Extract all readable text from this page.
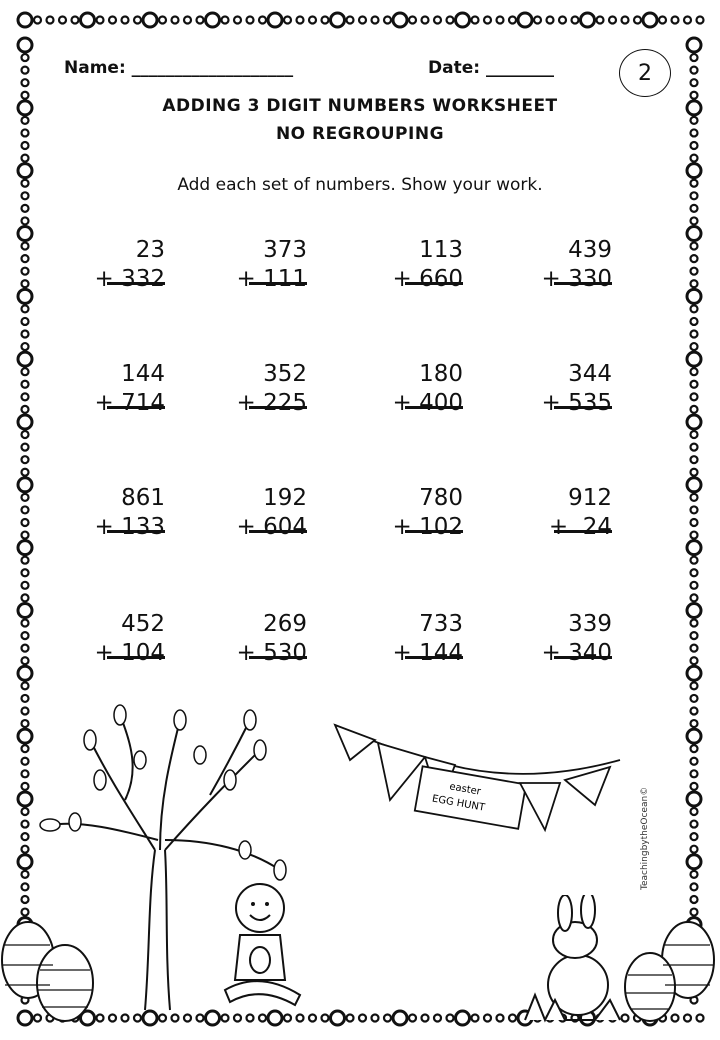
Name: ___________________	Date: ________	2
ADDING 3 DIGIT NUMBERS WORKSHEET
NO REGROUPING
Add each set of numbers. Show your work.
23
+ 332
373
+ 111
113
+ 660
439
+ 330
144
+ 714
352
+ 225
180
+ 400
344
+ 535
861
+ 133
192
+ 604
780
+ 102
912
+  24
452
+ 104
269
+ 530
733
+ 144
339
+ 340
easter
EGG HUNT	TeachingbytheOcean©
